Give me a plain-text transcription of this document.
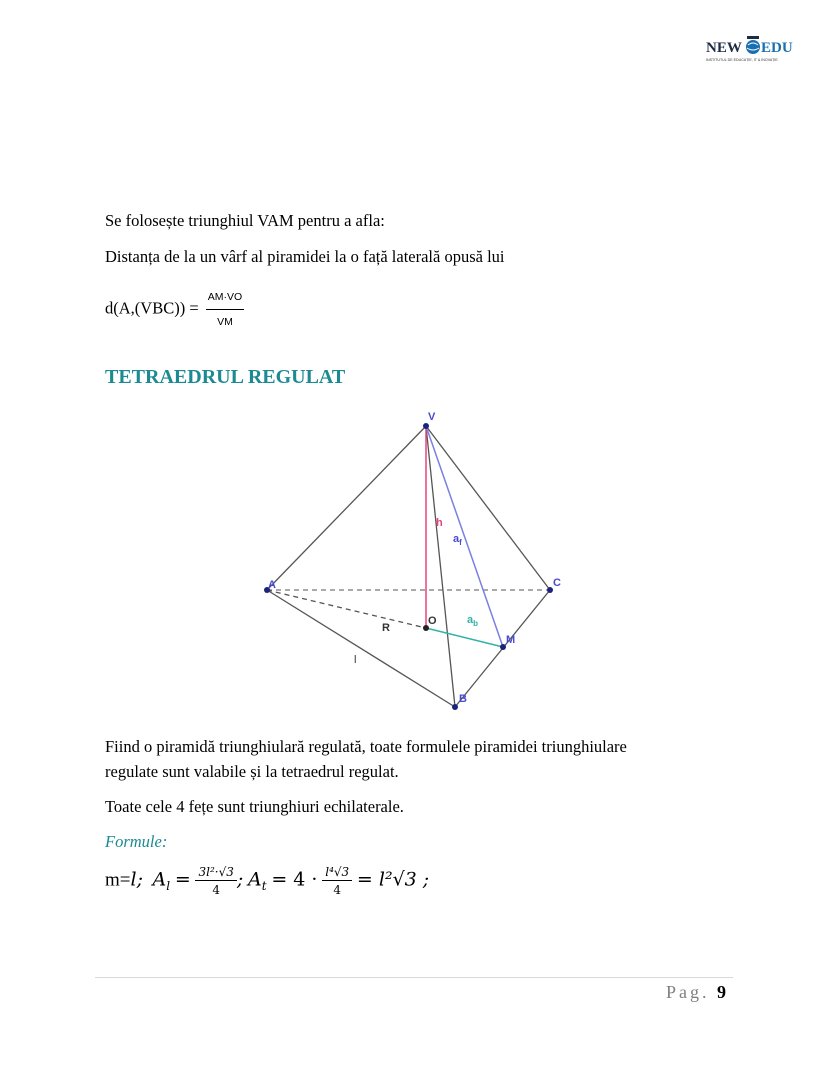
NEW EDU
INSTITUTUL DE EDUCAȚIE, IT & INOVAȚIE
Se folosește triunghiul VAM pentru a afla:
Distanța de la un vârf al piramidei la o față laterală opusă lui
$d(A,(VBC)) = \frac{AM\cdot VO}{VM}$
TETRAEDRUL REGULAT
V
A	C
B
O
M
h
$a_f$
$a_b$
R
l
Fiind o piramidă triunghiulară regulată, toate formulele piramidei triunghiulare
regulate sunt valabile și la tetraedrul regulat.
Toate cele 4 fețe sunt triunghiuri echilaterale.
Formule:
m=l; $A_l = \frac{\text{3l²·√3}}{4}$ ; $A_t = 4 \cdot \frac{\text{l⁴√3}}{4} = l^2√3$ ;
Pag. 9
